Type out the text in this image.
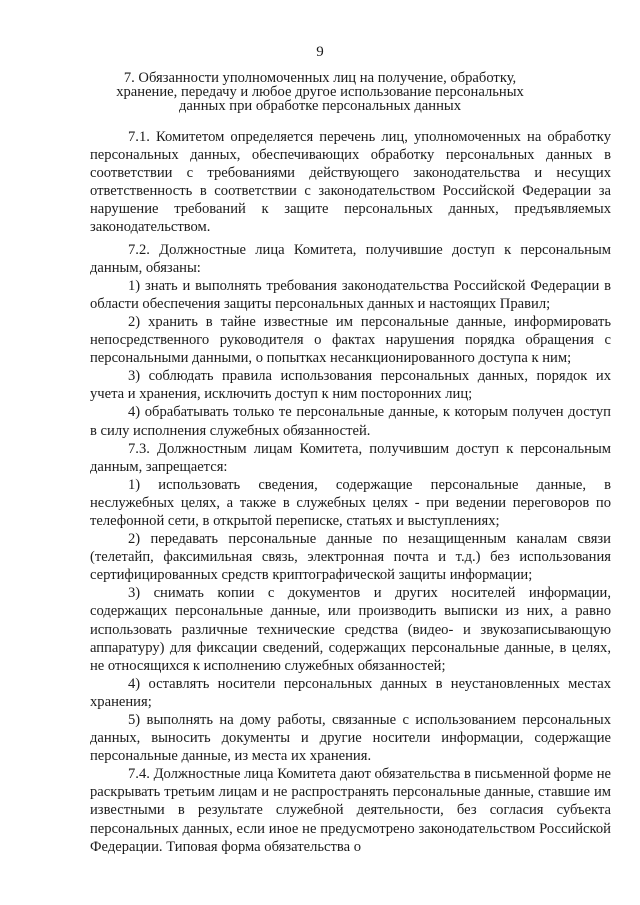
9
7. Обязанности уполномоченных лиц на получение, обработку,
хранение, передачу и любое другое использование персональных
данных при обработке персональных данных

7.1. Комитетом определяется перечень лиц, уполномоченных на обработку персональных данных, обеспечивающих обработку персональных данных в соответствии с требованиями действующего законодательства и несущих ответственность в соответствии с законодательством Российской Федерации за нарушение требований к защите персональных данных, предъявляемых законодательством.

7.2. Должностные лица Комитета, получившие доступ к персональным данным, обязаны:

1) знать и выполнять требования законодательства Российской Федерации в области обеспечения защиты персональных данных и настоящих Правил;

2) хранить в тайне известные им персональные данные, информировать непосредственного руководителя о фактах нарушения порядка обращения с персональными данными, о попытках несанкционированного доступа к ним;

3) соблюдать правила использования персональных данных, порядок их учета и хранения, исключить доступ к ним посторонних лиц;

4) обрабатывать только те персональные данные, к которым получен доступ в силу исполнения служебных обязанностей.

7.3. Должностным лицам Комитета, получившим доступ к персональным данным, запрещается:

1) использовать сведения, содержащие персональные данные, в неслужебных целях, а также в служебных целях - при ведении переговоров по телефонной сети, в открытой переписке, статьях и выступлениях;

2) передавать персональные данные по незащищенным каналам связи (телетайп, факсимильная связь, электронная почта и т.д.) без использования сертифицированных средств криптографической защиты информации;

3) снимать копии с документов и других носителей информации, содержащих персональные данные, или производить выписки из них, а равно использовать различные технические средства (видео- и звукозаписывающую аппаратуру) для фиксации сведений, содержащих персональные данные, в целях, не относящихся к исполнению служебных обязанностей;

4) оставлять носители персональных данных в неустановленных местах хранения;

5) выполнять на дому работы, связанные с использованием персональных данных, выносить документы и другие носители информации, содержащие персональные данные, из места их хранения.

7.4. Должностные лица Комитета дают обязательства в письменной форме не раскрывать третьим лицам и не распространять персональные данные, ставшие им известными в результате служебной деятельности, без согласия субъекта персональных данных, если иное не предусмотрено законодательством Российской Федерации. Типовая форма обязательства о
